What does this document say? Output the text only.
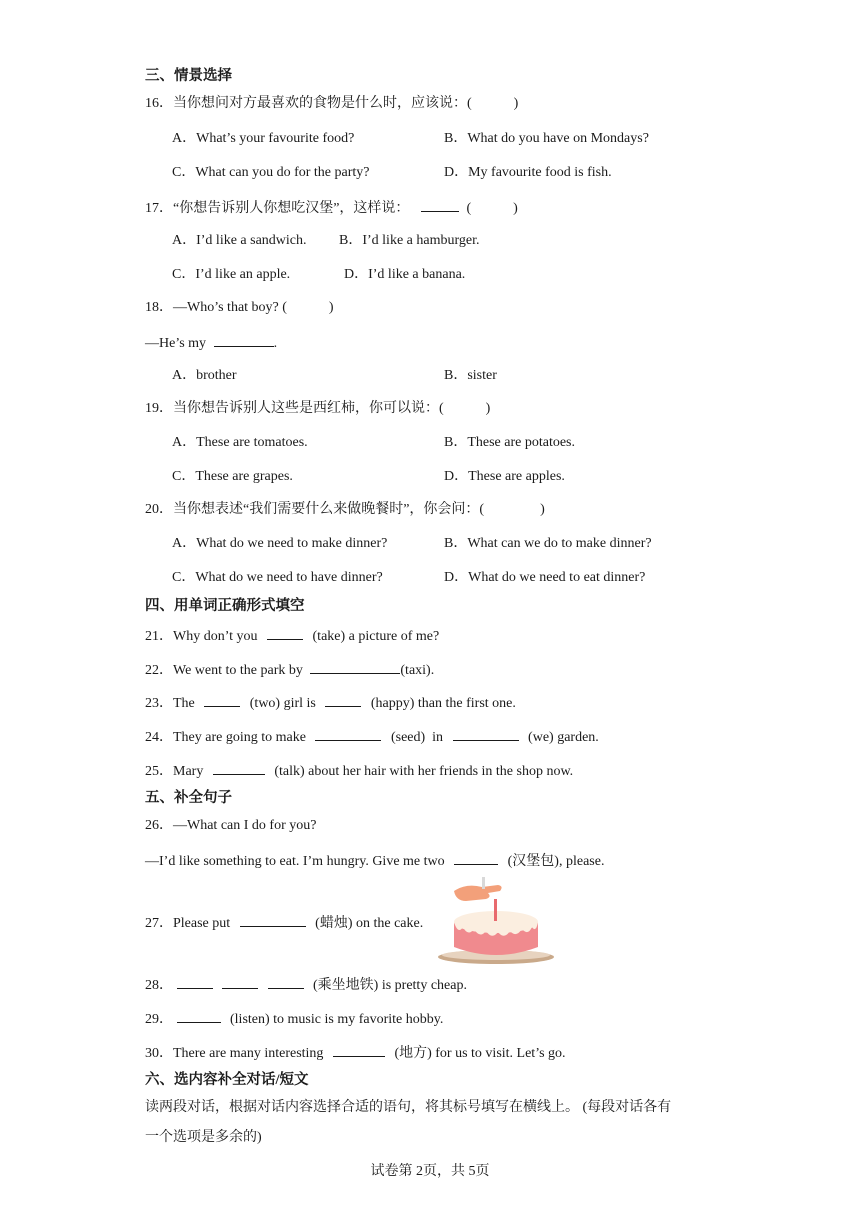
三、情景选择
16．当你想问对方最喜欢的食物是什么时，应该说：(　　　)
A．What’s your favourite food?	B．What do you have on Mondays?
C．What can you do for the party?	D．My favourite food is fish.
17．“你想告诉别人你想吃汉堡”，这样说：	(　　　)
A．I’d like a sandwich. B．I’d like a hamburger.
C．I’d like an apple.	D．I’d like a banana.
18．—Who’s that boy? (　　　)
—He’s my	.
A．brother	B．sister
19．当你想告诉别人这些是西红柿，你可以说：(　　　)
A．These are tomatoes.	B．These are potatoes.
C．These are grapes.	D．These are apples.
20．当你想表述“我们需要什么来做晚餐时”，你会问：(　　　　)
A．What do we need to make dinner?	B．What can we do to make dinner?
C．What do we need to have dinner?	D．What do we need to eat dinner?
四、用单词正确形式填空
21．Why don’t you	(take) a picture of me?
22．We went to the park by	(taxi).
23．The	(two) girl is	(happy) than the first one.
24．They are going to make	(seed)  in	(we) garden.
25．Mary	(talk) about her hair with her friends in the shop now.
五、补全句子
26．—What can I do for you?
—I’d like something to eat. I’m hungry. Give me two	(汉堡包), please.
27．Please put	(蜡烛) on the cake.
28．	(乘坐地铁) is pretty cheap.
29．	(listen) to music is my favorite hobby.
30．There are many interesting	(地方) for us to visit. Let’s go.
六、选内容补全对话/短文
读两段对话，根据对话内容选择合适的语句，将其标号填写在横线上。 (每段对话各有
一个选项是多余的)
试卷第 2页，共 5页
